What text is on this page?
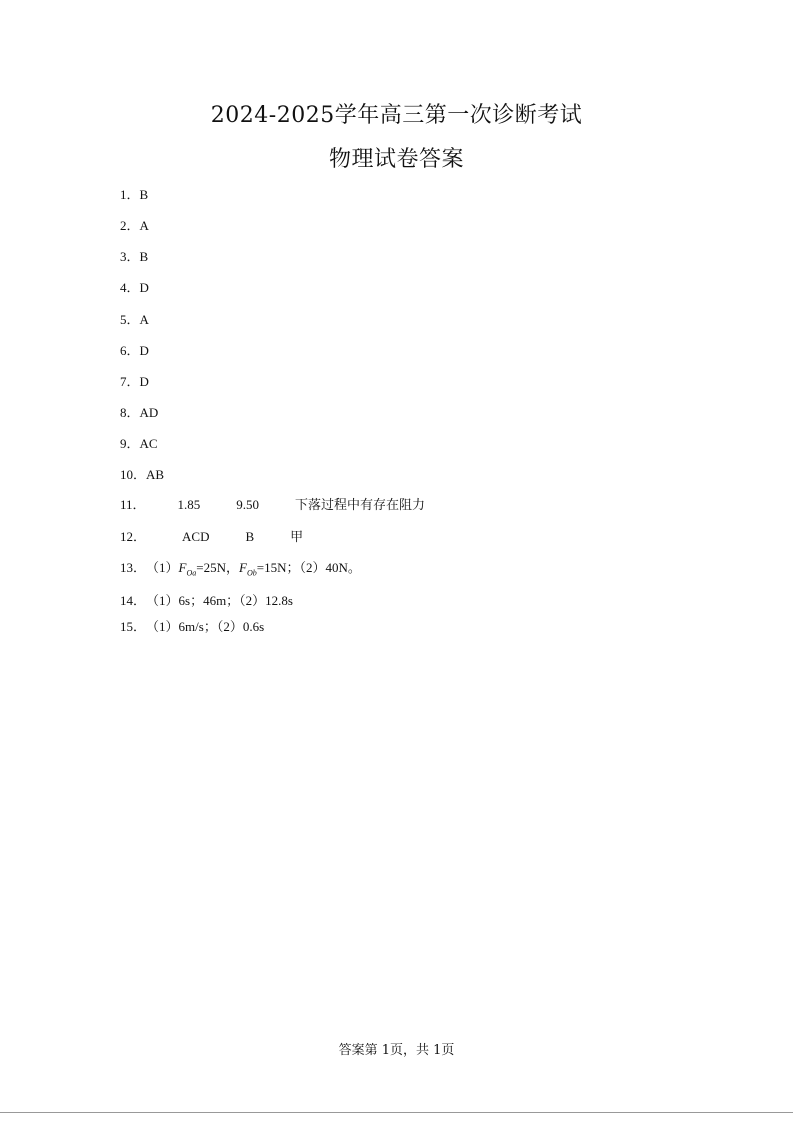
2024-2025学年高三第一次诊断考试
物理试卷答案
1．B
2．A
3．B
4．D
5．A
6．D
7．D
8．AD
9．AC
10．AB
11． 1.85	9.50	下落过程中有存在阻力
12．	ACD	B	甲
13．$(1)F_{Oa}=25N$，$F_{Ob}=15N$；（2）40N。
14．（1）6s；46m；（2）12.8s
15．（1）6m/s；（2）0.6s
答案第 1页，共 1页
